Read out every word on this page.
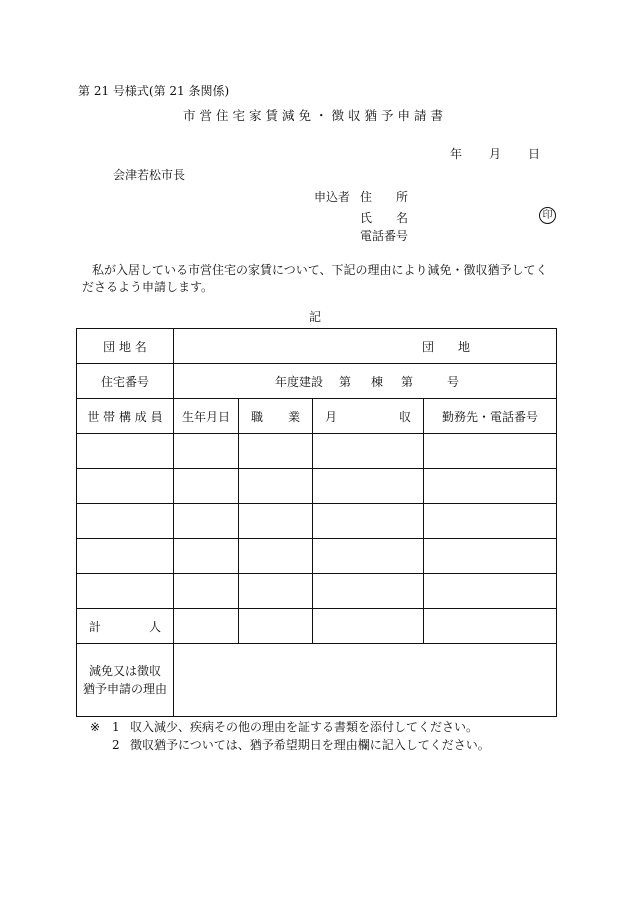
第 21 号様式(第 21 条関係)
市営住宅家賃減免・徴収猶予申請書
年 月 日
会津若松市長
申込者 住　　所
氏　　名
電話番号
印
私が入居している市営住宅の家賃について、下記の理由により減免・徴収猶予してく
ださるよう申請します。
記
団 地 名	団　　地			
住宅番号	年度建設 第 棟 第 号			

世 帯 構 成 員	生年月日	職 業	月 収	勤務先・電話番号

計 人				

減免又は徴収
猶予申請の理由				

※ 1 収入減少、疾病その他の理由を証する書類を添付してください。
2 徴収猶予については、猶予希望期日を理由欄に記入してください。
